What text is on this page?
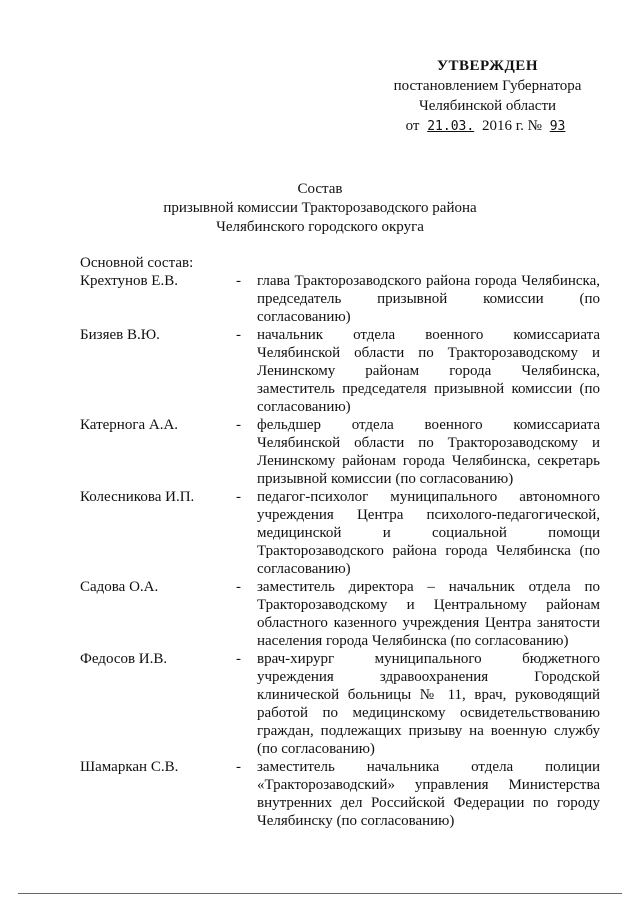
УТВЕРЖДЕН
постановлением Губернатора
Челябинской области
от 21.03. 2016 г. № 93
Состав
призывной комиссии Тракторозаводского района
Челябинского городского округа
Основной состав:
Крехтунов Е.В.	- глава Тракторозаводского района города Челябинска, председатель призывной комиссии (по согласованию)
Бизяев В.Ю.	- начальник отдела военного комиссариата Челябинской области по Тракторозаводскому и Ленинскому районам города Челябинска, заместитель председателя призывной комиссии (по согласованию)
Катернога А.А.	- фельдшер отдела военного комиссариата Челябинской области по Тракторозаводскому и Ленинскому районам города Челябинска, секретарь призывной комиссии (по согласованию)
Колесникова И.П.	- педагог-психолог муниципального автономного учреждения Центра психолого-педагогической, медицинской и социальной помощи Тракторозаводского района города Челябинска (по согласованию)
Садова О.А.	- заместитель директора – начальник отдела по Тракторозаводскому и Центральному районам областного казенного учреждения Центра занятости населения города Челябинска (по согласованию)
Федосов И.В.	- врач-хирург муниципального бюджетного учреждения здравоохранения Городской клинической больницы № 11, врач, руководящий работой по медицинскому освидетельствованию граждан, подлежащих призыву на военную службу (по согласованию)
Шамаркан С.В.	- заместитель начальника отдела полиции «Тракторозаводский» управления Министерства внутренних дел Российской Федерации по городу Челябинску (по согласованию)
